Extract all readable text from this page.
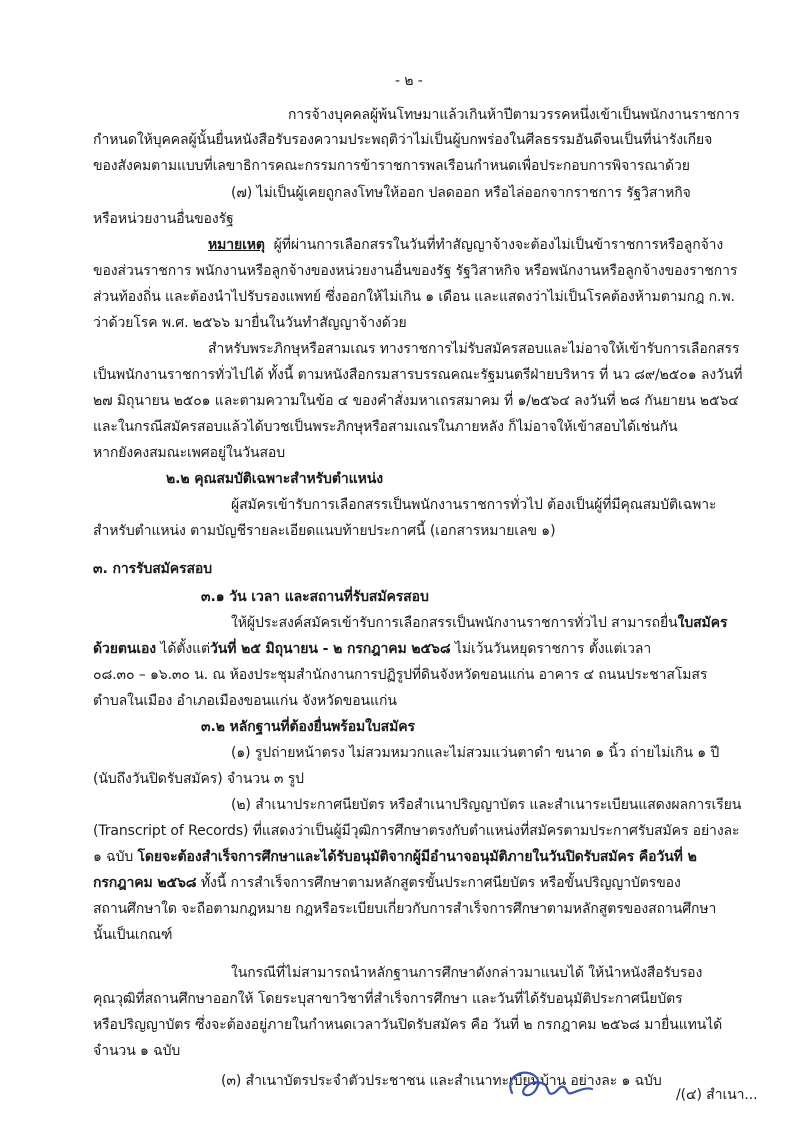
- ๒ -
การจ้างบุคคลผู้พ้นโทษมาแล้วเกินห้าปีตามวรรคหนึ่งเข้าเป็นพนักงานราชการ
กำหนดให้บุคคลผู้นั้นยื่นหนังสือรับรองความประพฤติว่าไม่เป็นผู้บกพร่องในศีลธรรมอันดีจนเป็นที่น่ารังเกียจ
ของสังคมตามแบบที่เลขาธิการคณะกรรมการข้าราชการพลเรือนกำหนดเพื่อประกอบการพิจารณาด้วย
(๗) ไม่เป็นผู้เคยถูกลงโทษให้ออก ปลดออก หรือไล่ออกจากราชการ รัฐวิสาหกิจ
หรือหน่วยงานอื่นของรัฐ
หมายเหตุ ผู้ที่ผ่านการเลือกสรรในวันที่ทำสัญญาจ้างจะต้องไม่เป็นข้าราชการหรือลูกจ้าง
ของส่วนราชการ พนักงานหรือลูกจ้างของหน่วยงานอื่นของรัฐ รัฐวิสาหกิจ หรือพนักงานหรือลูกจ้างของราชการ
ส่วนท้องถิ่น และต้องนำไปรับรองแพทย์ ซึ่งออกให้ไม่เกิน ๑ เดือน และแสดงว่าไม่เป็นโรคต้องห้ามตามกฎ ก.พ.
ว่าด้วยโรค พ.ศ. ๒๕๖๖ มายื่นในวันทำสัญญาจ้างด้วย
สำหรับพระภิกษุหรือสามเณร ทางราชการไม่รับสมัครสอบและไม่อาจให้เข้ารับการเลือกสรร
เป็นพนักงานราชการทั่วไปได้ ทั้งนี้ ตามหนังสือกรมสารบรรณคณะรัฐมนตรีฝ่ายบริหาร ที่ นว ๘๙/๒๕๐๑ ลงวันที่
๒๗ มิถุนายน ๒๕๐๑ และตามความในข้อ ๔ ของคำสั่งมหาเถรสมาคม ที่ ๑/๒๕๖๔ ลงวันที่ ๒๘ กันยายน ๒๕๖๔
และในกรณีสมัครสอบแล้วได้บวชเป็นพระภิกษุหรือสามเณรในภายหลัง ก็ไม่อาจให้เข้าสอบได้เช่นกัน
หากยังคงสมณะเพศอยู่ในวันสอบ
๒.๒ คุณสมบัติเฉพาะสำหรับตำแหน่ง
ผู้สมัครเข้ารับการเลือกสรรเป็นพนักงานราชการทั่วไป ต้องเป็นผู้ที่มีคุณสมบัติเฉพาะ
สำหรับตำแหน่ง ตามบัญชีรายละเอียดแนบท้ายประกาศนี้ (เอกสารหมายเลข ๑)
๓. การรับสมัครสอบ
๓.๑ วัน เวลา และสถานที่รับสมัครสอบ
ให้ผู้ประสงค์สมัครเข้ารับการเลือกสรรเป็นพนักงานราชการทั่วไป สามารถยื่นใบสมัคร
ด้วยตนเอง ได้ตั้งแต่วันที่ ๒๕ มิถุนายน - ๒ กรกฎาคม ๒๕๖๘ ไม่เว้นวันหยุดราชการ ตั้งแต่เวลา
๐๘.๓๐ – ๑๖.๓๐ น. ณ ห้องประชุมสำนักงานการปฏิรูปที่ดินจังหวัดขอนแก่น อาคาร ๔ ถนนประชาสโมสร
ตำบลในเมือง อำเภอเมืองขอนแก่น จังหวัดขอนแก่น
๓.๒ หลักฐานที่ต้องยื่นพร้อมใบสมัคร
(๑) รูปถ่ายหน้าตรง ไม่สวมหมวกและไม่สวมแว่นตาดำ ขนาด ๑ นิ้ว ถ่ายไม่เกิน ๑ ปี
(นับถึงวันปิดรับสมัคร) จำนวน ๓ รูป
(๒) สำเนาประกาศนียบัตร หรือสำเนาปริญญาบัตร และสำเนาระเบียนแสดงผลการเรียน
(Transcript of Records) ที่แสดงว่าเป็นผู้มีวุฒิการศึกษาตรงกับตำแหน่งที่สมัครตามประกาศรับสมัคร อย่างละ
๑ ฉบับ โดยจะต้องสำเร็จการศึกษาและได้รับอนุมัติจากผู้มีอำนาจอนุมัติภายในวันปิดรับสมัคร คือวันที่ ๒
กรกฎาคม ๒๕๖๘ ทั้งนี้ การสำเร็จการศึกษาตามหลักสูตรขั้นประกาศนียบัตร หรือขั้นปริญญาบัตรของ
สถานศึกษาใด จะถือตามกฎหมาย กฎหรือระเบียบเกี่ยวกับการสำเร็จการศึกษาตามหลักสูตรของสถานศึกษา
นั้นเป็นเกณฑ์
ในกรณีที่ไม่สามารถนำหลักฐานการศึกษาดังกล่าวมาแนบได้ ให้นำหนังสือรับรอง
คุณวุฒิที่สถานศึกษาออกให้ โดยระบุสาขาวิชาที่สำเร็จการศึกษา และวันที่ได้รับอนุมัติประกาศนียบัตร
หรือปริญญาบัตร ซึ่งจะต้องอยู่ภายในกำหนดเวลาวันปิดรับสมัคร คือ วันที่ ๒ กรกฎาคม ๒๕๖๘ มายื่นแทนได้
จำนวน ๑ ฉบับ
(๓) สำเนาบัตรประจำตัวประชาชน และสำเนาทะเบียนบ้าน อย่างละ ๑ ฉบับ
/(๔) สำเนา...
